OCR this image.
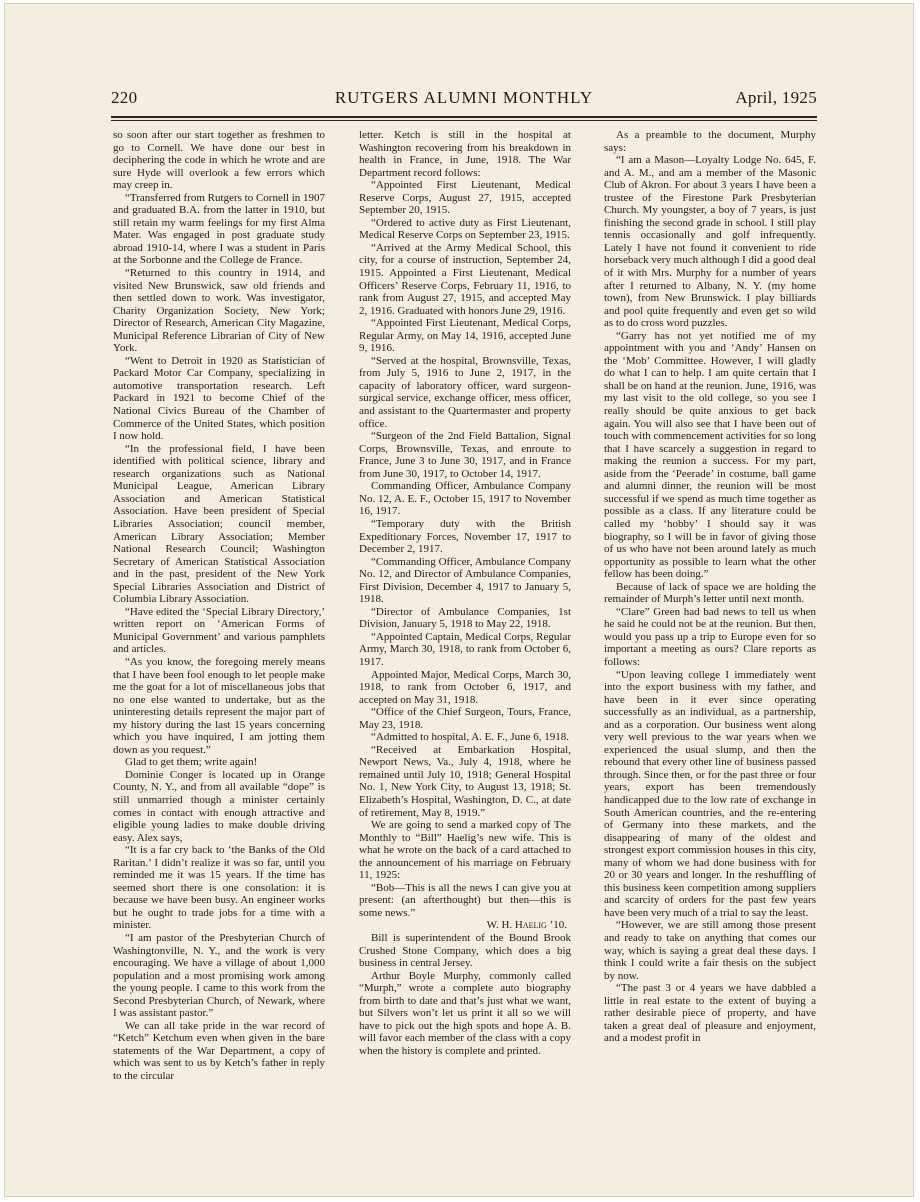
220	RUTGERS ALUMNI MONTHLY	April, 1925

so soon after our start together as freshmen to go to Cornell. We have done our best in deciphering the code in which he wrote and are sure Hyde will overlook a few errors which may creep in.

“Transferred from Rutgers to Cornell in 1907 and graduated B.A. from the latter in 1910, but still retain my warm feelings for my first Alma Mater. Was engaged in post graduate study abroad 1910-14, where I was a student in Paris at the Sorbonne and the College de France.

“Returned to this country in 1914, and visited New Brunswick, saw old friends and then settled down to work. Was investigator, Charity Organization Society, New York; Director of Research, American City Magazine, Municipal Reference Librarian of City of New York.

“Went to Detroit in 1920 as Statistician of Packard Motor Car Company, specializing in automotive transportation research. Left Packard in 1921 to become Chief of the National Civics Bureau of the Chamber of Commerce of the United States, which position I now hold.

“In the professional field, I have been identified with political science, library and research organizations such as National Municipal League, American Library Association and American Statistical Association. Have been president of Special Libraries Association; council member, American Library Association; Member National Research Council; Washington Secretary of American Statistical Association and in the past, president of the New York Special Libraries Association and District of Columbia Library Association.

“Have edited the ‘Special Library Directory,’ written report on ‘American Forms of Municipal Government’ and various pamphlets and articles.

“As you know, the foregoing merely means that I have been fool enough to let people make me the goat for a lot of miscellaneous jobs that no one else wanted to undertake, but as the uninteresting details represent the major part of my history during the last 15 years concerning which you have inquired, I am jotting them down as you request.”

Glad to get them; write again!

Dominie Conger is located up in Orange County, N. Y., and from all available “dope” is still unmarried though a minister certainly comes in contact with enough attractive and eligible young ladies to make double driving easy. Alex says,

“It is a far cry back to ‘the Banks of the Old Raritan.’ I didn’t realize it was so far, until you reminded me it was 15 years. If the time has seemed short there is one consolation: it is because we have been busy. An engineer works but he ought to trade jobs for a time with a minister.

“I am pastor of the Presbyterian Church of Washingtonville, N. Y., and the work is very encouraging. We have a village of about 1,000 population and a most promising work among the young people. I came to this work from the Second Presbyterian Church, of Newark, where I was assistant pastor.”

We can all take pride in the war record of “Ketch” Ketchum even when given in the bare statements of the War Department, a copy of which was sent to us by Ketch’s father in reply to the circular

letter. Ketch is still in the hospital at Washington recovering from his breakdown in health in France, in June, 1918. The War Department record follows:

“Appointed First Lieutenant, Medical Reserve Corps, August 27, 1915, accepted September 20, 1915.

“Ordered to active duty as First Lieutenant, Medical Reserve Corps on September 23, 1915.

“Arrived at the Army Medical School, this city, for a course of instruction, September 24, 1915. Appointed a First Lieutenant, Medical Officers’ Reserve Corps, February 11, 1916, to rank from August 27, 1915, and accepted May 2, 1916. Graduated with honors June 29, 1916.

“Appointed First Lieutenant, Medical Corps, Regular Army, on May 14, 1916, accepted June 9, 1916.

“Served at the hospital, Brownsville, Texas, from July 5, 1916 to June 2, 1917, in the capacity of laboratory officer, ward surgeon-surgical service, exchange officer, mess officer, and assistant to the Quartermaster and property office.

“Surgeon of the 2nd Field Battalion, Signal Corps, Brownsville, Texas, and enroute to France, June 3 to June 30, 1917, and in France from June 30, 1917, to October 14, 1917.

Commanding Officer, Ambulance Company No. 12, A. E. F., October 15, 1917 to November 16, 1917.

“Temporary duty with the British Expeditionary Forces, November 17, 1917 to December 2, 1917.

“Commanding Officer, Ambulance Company No. 12, and Director of Ambulance Companies, First Division, December 4, 1917 to January 5, 1918.

“Director of Ambulance Companies, 1st Division, January 5, 1918 to May 22, 1918.

“Appointed Captain, Medical Corps, Regular Army, March 30, 1918, to rank from October 6, 1917.

Appointed Major, Medical Corps, March 30, 1918, to rank from October 6, 1917, and accepted on May 31, 1918.

“Office of the Chief Surgeon, Tours, France, May 23, 1918.

“Admitted to hospital, A. E. F., June 6, 1918.

“Received at Embarkation Hospital, Newport News, Va., July 4, 1918, where he remained until July 10, 1918; General Hospital No. 1, New York City, to August 13, 1918; St. Elizabeth’s Hospital, Washington, D. C., at date of retirement, May 8, 1919.”

We are going to send a marked copy of The Monthly to “Bill” Haelig’s new wife. This is what he wrote on the back of a card attached to the announcement of his marriage on February 11, 1925:

“Bob—This is all the news I can give you at present: (an afterthought) but then—this is some news.”

W. H. Haelig ’10.

Bill is superintendent of the Bound Brook Crushed Stone Company, which does a big business in central Jersey.

Arthur Boyle Murphy, commonly called “Murph,” wrote a complete auto biography from birth to date and that’s just what we want, but Silvers won’t let us print it all so we will have to pick out the high spots and hope A. B. will favor each member of the class with a copy when the history is complete and printed.

As a preamble to the document, Murphy says:

“I am a Mason—Loyalty Lodge No. 645, F. and A. M., and am a member of the Masonic Club of Akron. For about 3 years I have been a trustee of the Firestone Park Presbyterian Church. My youngster, a boy of 7 years, is just finishing the second grade in school. I still play tennis occasionally and golf infrequently. Lately I have not found it convenient to ride horseback very much although I did a good deal of it with Mrs. Murphy for a number of years after I returned to Albany, N. Y. (my home town), from New Brunswick. I play billiards and pool quite frequently and even get so wild as to do cross word puzzles.

“Garry has not yet notified me of my appointment with you and ‘Andy’ Hansen on the ‘Mob’ Committee. However, I will gladly do what I can to help. I am quite certain that I shall be on hand at the reunion. June, 1916, was my last visit to the old college, so you see I really should be quite anxious to get back again. You will also see that I have been out of touch with commencement activities for so long that I have scarcely a suggestion in regard to making the reunion a success. For my part, aside from the ‘Peerade’ in costume, ball game and alumni dinner, the reunion will be most successful if we spend as much time together as possible as a class. If any literature could be called my ‘hobby’ I should say it was biography, so I will be in favor of giving those of us who have not been around lately as much opportunity as possible to learn what the other fellow has been doing.”

Because of lack of space we are holding the remainder of Murph’s letter until next month.

“Clare” Green had bad news to tell us when he said he could not be at the reunion. But then, would you pass up a trip to Europe even for so important a meeting as ours? Clare reports as follows:

“Upon leaving college I immediately went into the export business with my father, and have been in it ever since operating successfully as an individual, as a partnership, and as a corporation. Our business went along very well previous to the war years when we experienced the usual slump, and then the rebound that every other line of business passed through. Since then, or for the past three or four years, export has been tremendously handicapped due to the low rate of exchange in South American countries, and the re-entering of Germany into these markets, and the disappearing of many of the oldest and strongest export commission houses in this city, many of whom we had done business with for 20 or 30 years and longer. In the reshuffling of this business keen competition among suppliers and scarcity of orders for the past few years have been very much of a trial to say the least.

“However, we are still among those present and ready to take on anything that comes our way, which is saying a great deal these days. I think I could write a fair thesis on the subject by now.

“The past 3 or 4 years we have dabbled a little in real estate to the extent of buying a rather desirable piece of property, and have taken a great deal of pleasure and enjoyment, and a modest profit in
